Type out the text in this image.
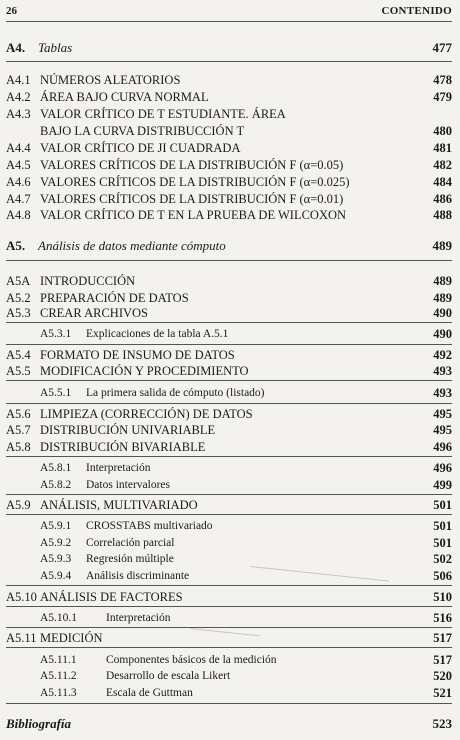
26	CONTENIDO
A4. Tablas	477
A4.1 NÚMEROS ALEATORIOS	478
A4.2 ÁREA BAJO CURVA NORMAL	479
A4.3 VALOR CRÍTICO DE T ESTUDIANTE. ÁREA
BAJO LA CURVA DISTRIBUCCIÓN T	480
A4.4 VALOR CRÍTICO DE JI CUADRADA	481
A4.5 VALORES CRÍTICOS DE LA DISTRIBUCIÓN F (α=0.05)	482
A4.6 VALORES CRÍTICOS DE LA DISTRIBUCIÓN F (α=0.025)	484
A4.7 VALORES CRÍTICOS DE LA DISTRIBUCIÓN F (α=0.01)	486
A4.8 VALOR CRÍTICO DE T EN LA PRUEBA DE WILCOXON	488
A5. Análisis de datos mediante cómputo	489
A5A INTRODUCCIÓN	489
A5.2 PREPARACIÓN DE DATOS	489
A5.3 CREAR ARCHIVOS	490
A5.3.1 Explicaciones de la tabla A.5.1	490
A5.4 FORMATO DE INSUMO DE DATOS	492
A5.5 MODIFICACIÓN Y PROCEDIMIENTO	493
A5.5.1 La primera salida de cómputo (listado)	493
A5.6 LIMPIEZA (CORRECCIÓN) DE DATOS	495
A5.7 DISTRIBUCIÓN UNIVARIABLE	495
A5.8 DISTRIBUCIÓN BIVARIABLE	496
A5.8.1 Interpretación	496
A5.8.2 Datos intervalores	499
A5.9 ANÁLISIS, MULTIVARIADO	501
A5.9.1 CROSSTABS multivariado	501
A5.9.2 Correlación parcial	501
A5.9.3 Regresión múltiple	502
A5.9.4 Análisis discriminante	506
A5.10 ANÁLISIS DE FACTORES	510
A5.10.1	Interpretación	516
A5.11 MEDICIÓN	517
A5.11.1	Componentes básicos de la medición	517
A5.11.2	Desarrollo de escala Likert	520
A5.11.3	Escala de Guttman	521
Bibliografía	523
